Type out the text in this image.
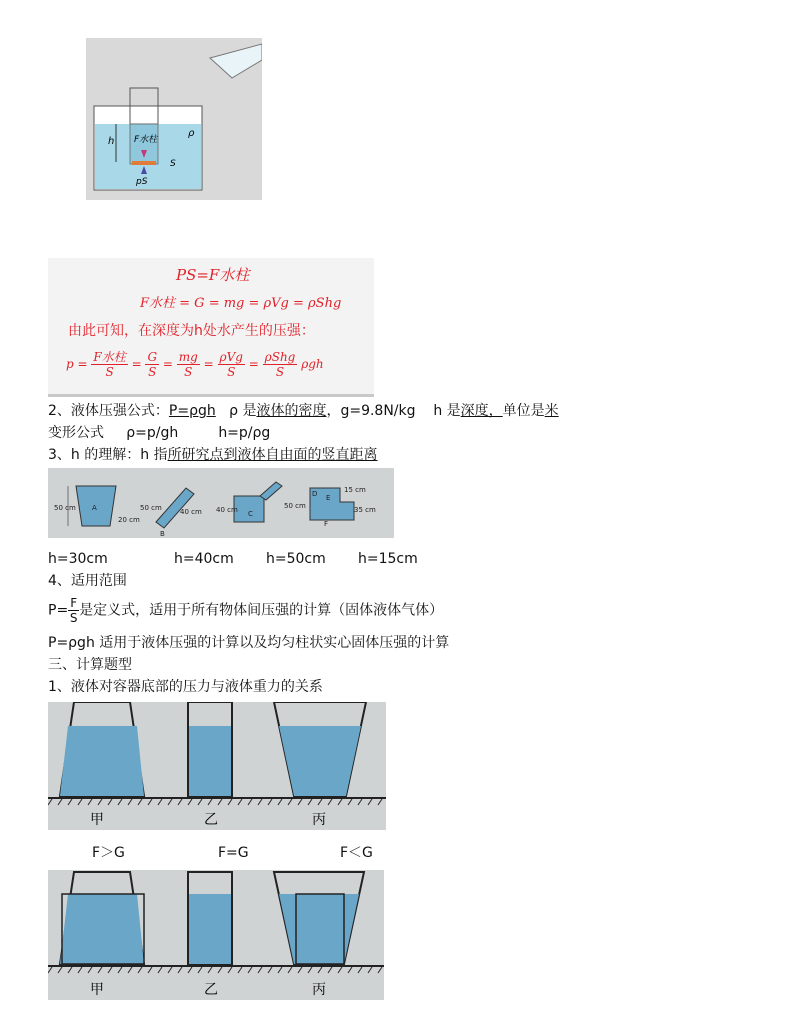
h F水柱
S
pS
ρ
PS=F水柱
F水柱 = G = mg = ρVg = ρShg
由此可知，在深度为h处水产生的压强：
$p = \frac{\text{F水柱}}{S} = \frac{G}{S} = \frac{mg}{S} = \frac{\text{ρVg}}{S} = \frac{\text{ρShg}}{S}$ ρgh
2、液体压强公式：P=ρgh ρ 是液体的密度，g=9.8N/kg h 是深度，单位是米
变形公式 ρ=p/gh	h=p/ρg
3、h 的理解：h 指所研究点到液体自由面的竖直距离
50 cm A
20 cm
50 cm	40 cm
B
40 cm C
50 cm
D E
15 cm
35 cm
F
h=30cm	h=40cm h=50cm h=15cm
4、适用范围
$P= \frac{F}{S}$ 是定义式，适用于所有物体间压强的计算（固体液体气体）
P=ρgh 适用于液体压强的计算以及均匀柱状实心固体压强的计算
三、计算题型
1、液体对容器底部的压力与液体重力的关系
甲	乙	丙
F＞G	F=G	F＜G
甲	乙	丙
